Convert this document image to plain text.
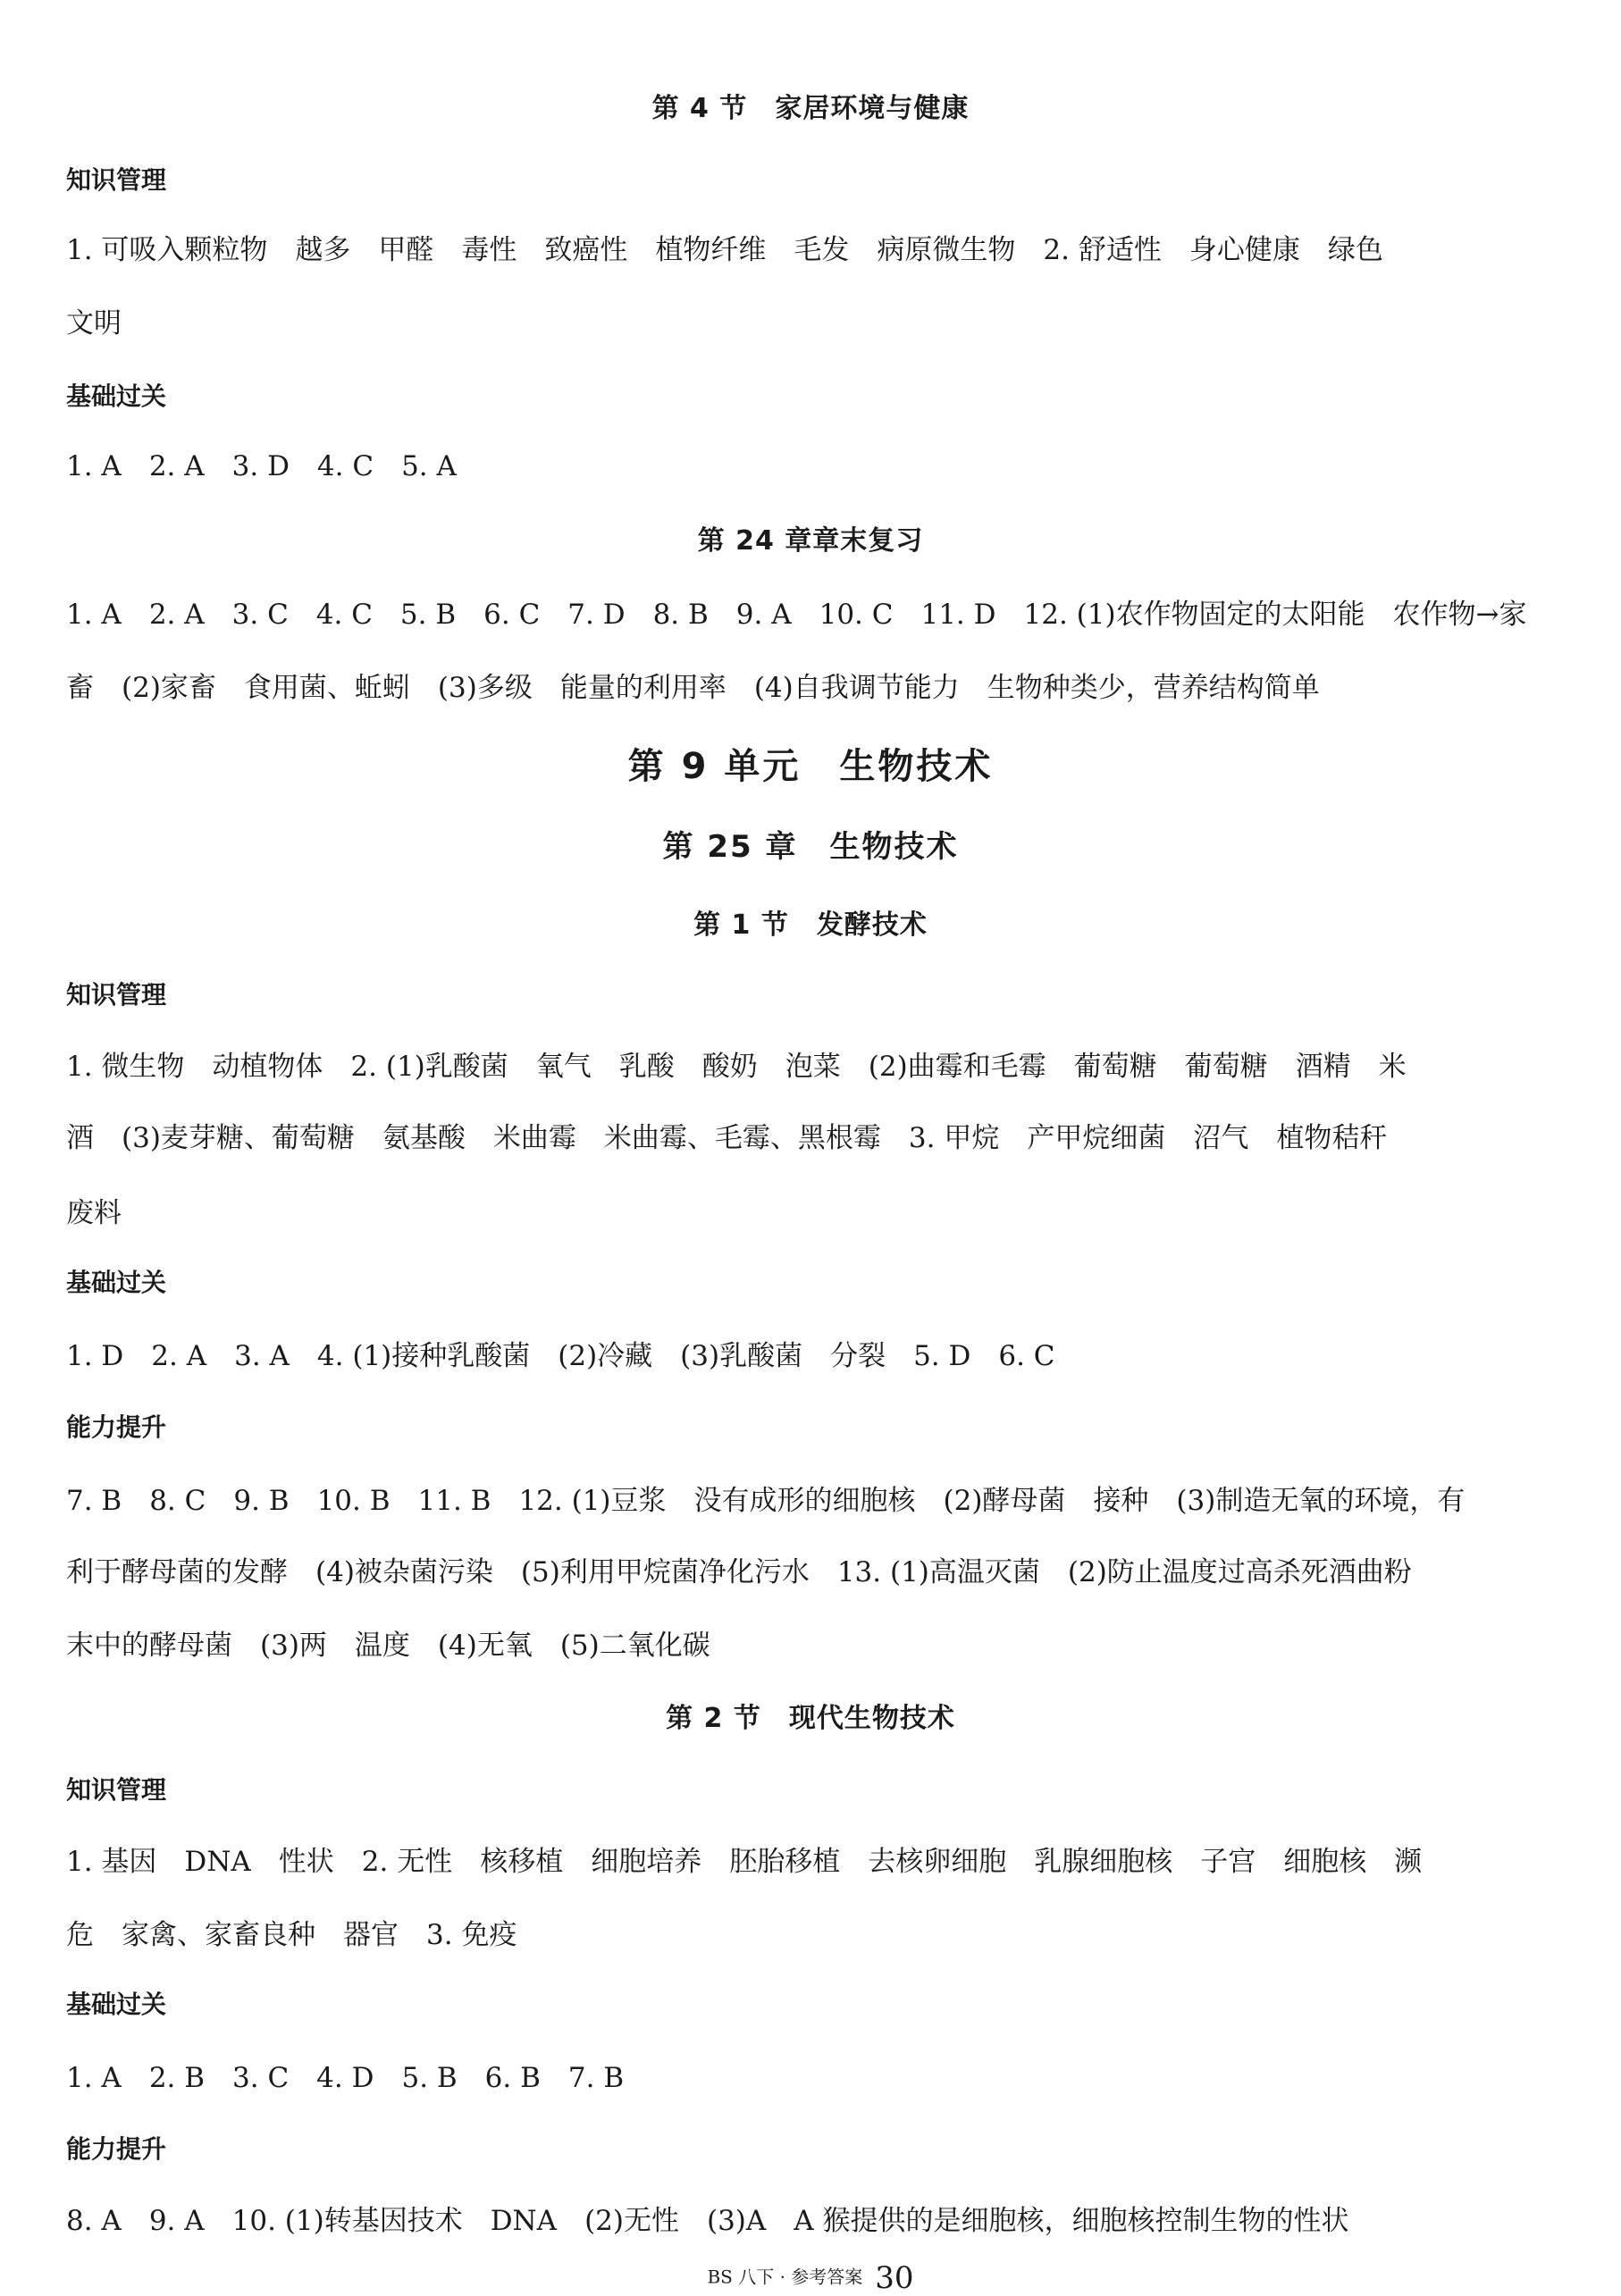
第 4 节　家居环境与健康
知识管理
1. 可吸入颗粒物　越多　甲醛　毒性　致癌性　植物纤维　毛发　病原微生物　2. 舒适性　身心健康　绿色
文明
基础过关
1. A　2. A　3. D　4. C　5. A
第 24 章章末复习
1. A　2. A　3. C　4. C　5. B　6. C　7. D　8. B　9. A　10. C　11. D　12. (1)农作物固定的太阳能　农作物→家
畜　(2)家畜　食用菌、蚯蚓　(3)多级　能量的利用率　(4)自我调节能力　生物种类少，营养结构简单
第 9 单元　生物技术
第 25 章　生物技术
第 1 节　发酵技术
知识管理
1. 微生物　动植物体　2. (1)乳酸菌　氧气　乳酸　酸奶　泡菜　(2)曲霉和毛霉　葡萄糖　葡萄糖　酒精　米
酒　(3)麦芽糖、葡萄糖　氨基酸　米曲霉　米曲霉、毛霉、黑根霉　3. 甲烷　产甲烷细菌　沼气　植物秸秆
废料
基础过关
1. D　2. A　3. A　4. (1)接种乳酸菌　(2)冷藏　(3)乳酸菌　分裂　5. D　6. C
能力提升
7. B　8. C　9. B　10. B　11. B　12. (1)豆浆　没有成形的细胞核　(2)酵母菌　接种　(3)制造无氧的环境，有
利于酵母菌的发酵　(4)被杂菌污染　(5)利用甲烷菌净化污水　13. (1)高温灭菌　(2)防止温度过高杀死酒曲粉
末中的酵母菌　(3)两　温度　(4)无氧　(5)二氧化碳
第 2 节　现代生物技术
知识管理
1. 基因　DNA　性状　2. 无性　核移植　细胞培养　胚胎移植　去核卵细胞　乳腺细胞核　子宫　细胞核　濒
危　家禽、家畜良种　器官　3. 免疫
基础过关
1. A　2. B　3. C　4. D　5. B　6. B　7. B
能力提升
8. A　9. A　10. (1)转基因技术　DNA　(2)无性　(3)A　A 猴提供的是细胞核，细胞核控制生物的性状
BS 八下 · 参考答案 30
